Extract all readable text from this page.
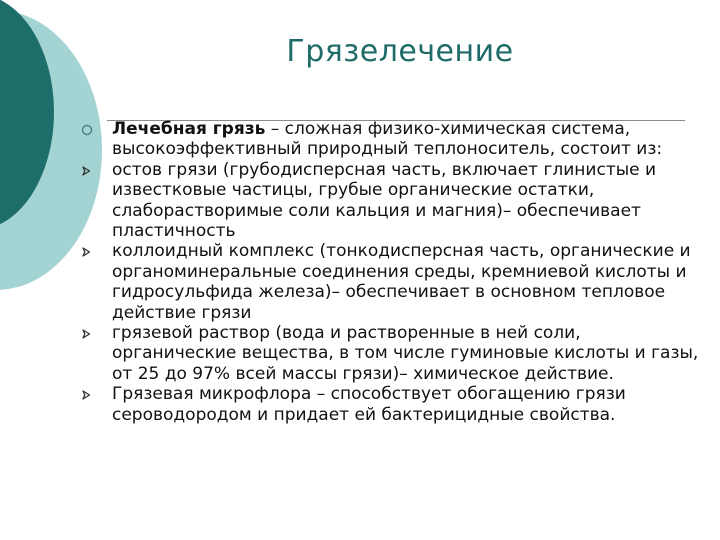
Грязелечение
Лечебная грязь – сложная физико-химическая система, высокоэффективный природный теплоноситель, состоит из:
остов грязи (грубодисперсная часть, включает глинистые и известковые частицы, грубые органические остатки, слаборастворимые соли кальция и магния)– обеспечивает пластичность
коллоидный комплекс (тонкодисперсная часть, органические и органоминеральные соединения среды, кремниевой кислоты и гидросульфида железа)– обеспечивает в основном тепловое действие грязи
грязевой раствор (вода и растворенные в ней соли, органические вещества, в том числе гуминовые кислоты и газы, от 25 до 97% всей массы грязи)– химическое действие.
Грязевая микрофлора – способствует обогащению грязи сероводородом и придает ей бактерицидные свойства.
